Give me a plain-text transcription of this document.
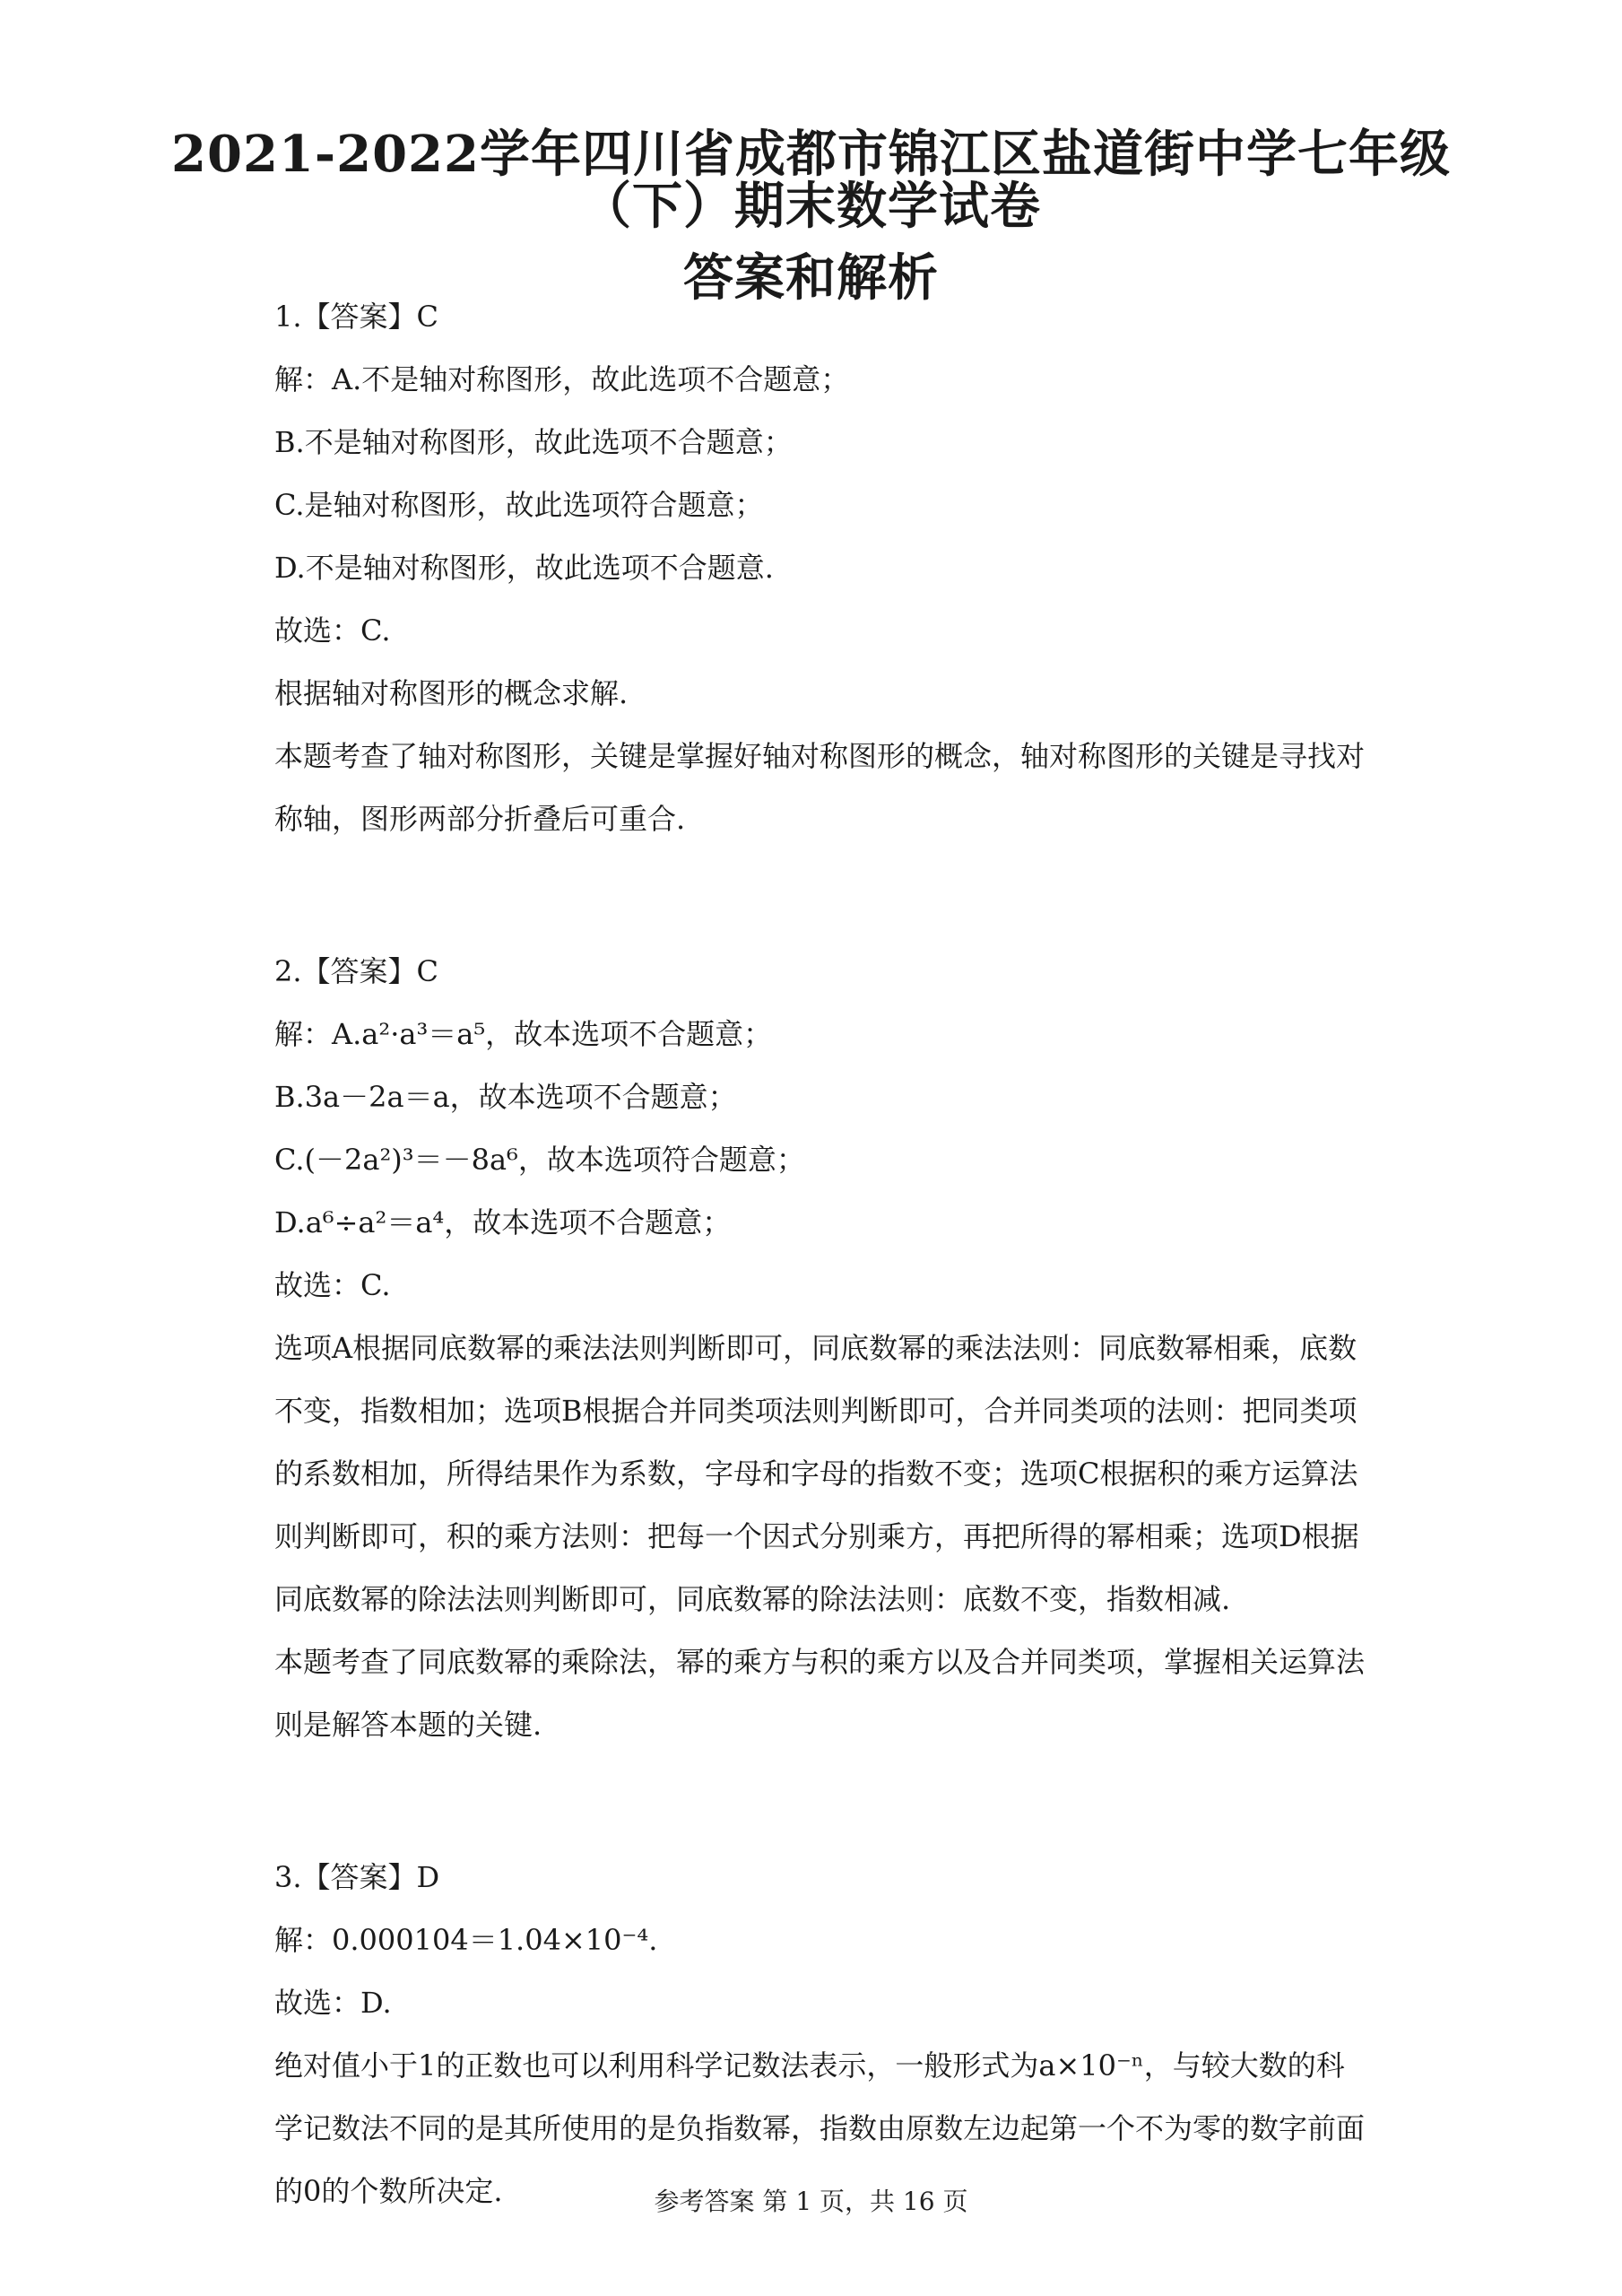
2021-2022学年四川省成都市锦江区盐道街中学七年级
（下）期末数学试卷
答案和解析

1.【答案】C

解：A.不是轴对称图形，故此选项不合题意；

B.不是轴对称图形，故此选项不合题意；

C.是轴对称图形，故此选项符合题意；

D.不是轴对称图形，故此选项不合题意.

故选：C.

根据轴对称图形的概念求解.

本题考查了轴对称图形，关键是掌握好轴对称图形的概念，轴对称图形的关键是寻找对

称轴，图形两部分折叠后可重合.

2.【答案】C

解：A.a²·a³＝a⁵，故本选项不合题意；

B.3a－2a＝a，故本选项不合题意；

C.(－2a²)³＝－8a⁶，故本选项符合题意；

D.a⁶÷a²＝a⁴，故本选项不合题意；

故选：C.

选项A根据同底数幂的乘法法则判断即可，同底数幂的乘法法则：同底数幂相乘，底数

不变，指数相加；选项B根据合并同类项法则判断即可，合并同类项的法则：把同类项

的系数相加，所得结果作为系数，字母和字母的指数不变；选项C根据积的乘方运算法

则判断即可，积的乘方法则：把每一个因式分别乘方，再把所得的幂相乘；选项D根据

同底数幂的除法法则判断即可，同底数幂的除法法则：底数不变，指数相减.

本题考查了同底数幂的乘除法，幂的乘方与积的乘方以及合并同类项，掌握相关运算法

则是解答本题的关键.

3.【答案】D

解：0.000104＝1.04×10⁻⁴.

故选：D.

绝对值小于1的正数也可以利用科学记数法表示，一般形式为a×10⁻ⁿ，与较大数的科

学记数法不同的是其所使用的是负指数幂，指数由原数左边起第一个不为零的数字前面

的0的个数所决定.	参考答案 第 1 页，共 16 页
